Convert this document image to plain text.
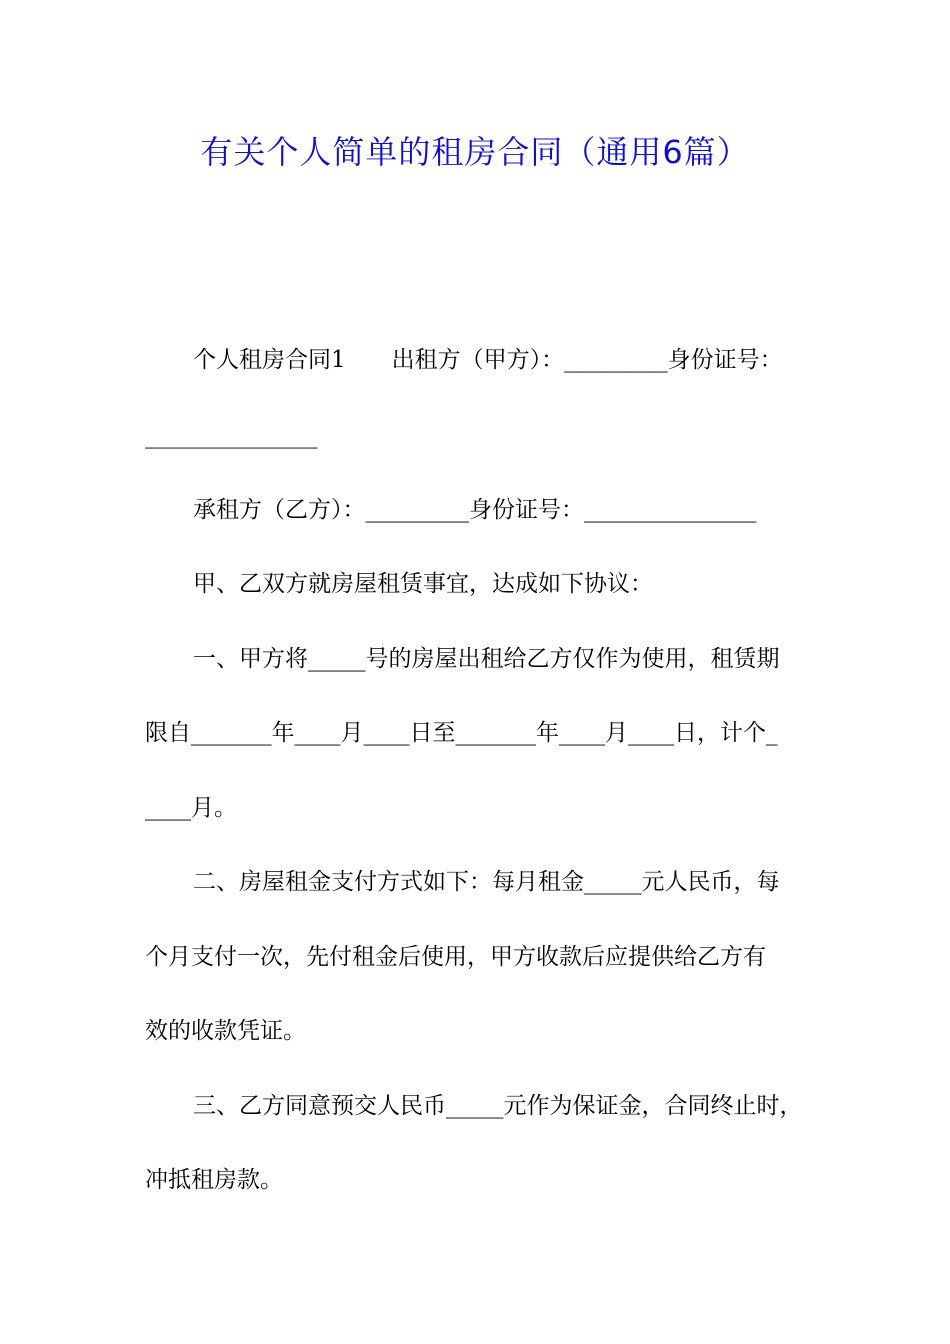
有关个人简单的租房合同（通用6篇）
个人租房合同1　　出租方（甲方）：_________身份证号：
_______________
承租方（乙方）：_________身份证号：_______________
甲、乙双方就房屋租赁事宜，达成如下协议：
一、甲方将_____号的房屋出租给乙方仅作为使用，租赁期
限自_______年____月____日至_______年____月____日，计个_
____月。
二、房屋租金支付方式如下：每月租金_____元人民币，每
个月支付一次，先付租金后使用，甲方收款后应提供给乙方有
效的收款凭证。
三、乙方同意预交人民币_____元作为保证金，合同终止时，
冲抵租房款。
